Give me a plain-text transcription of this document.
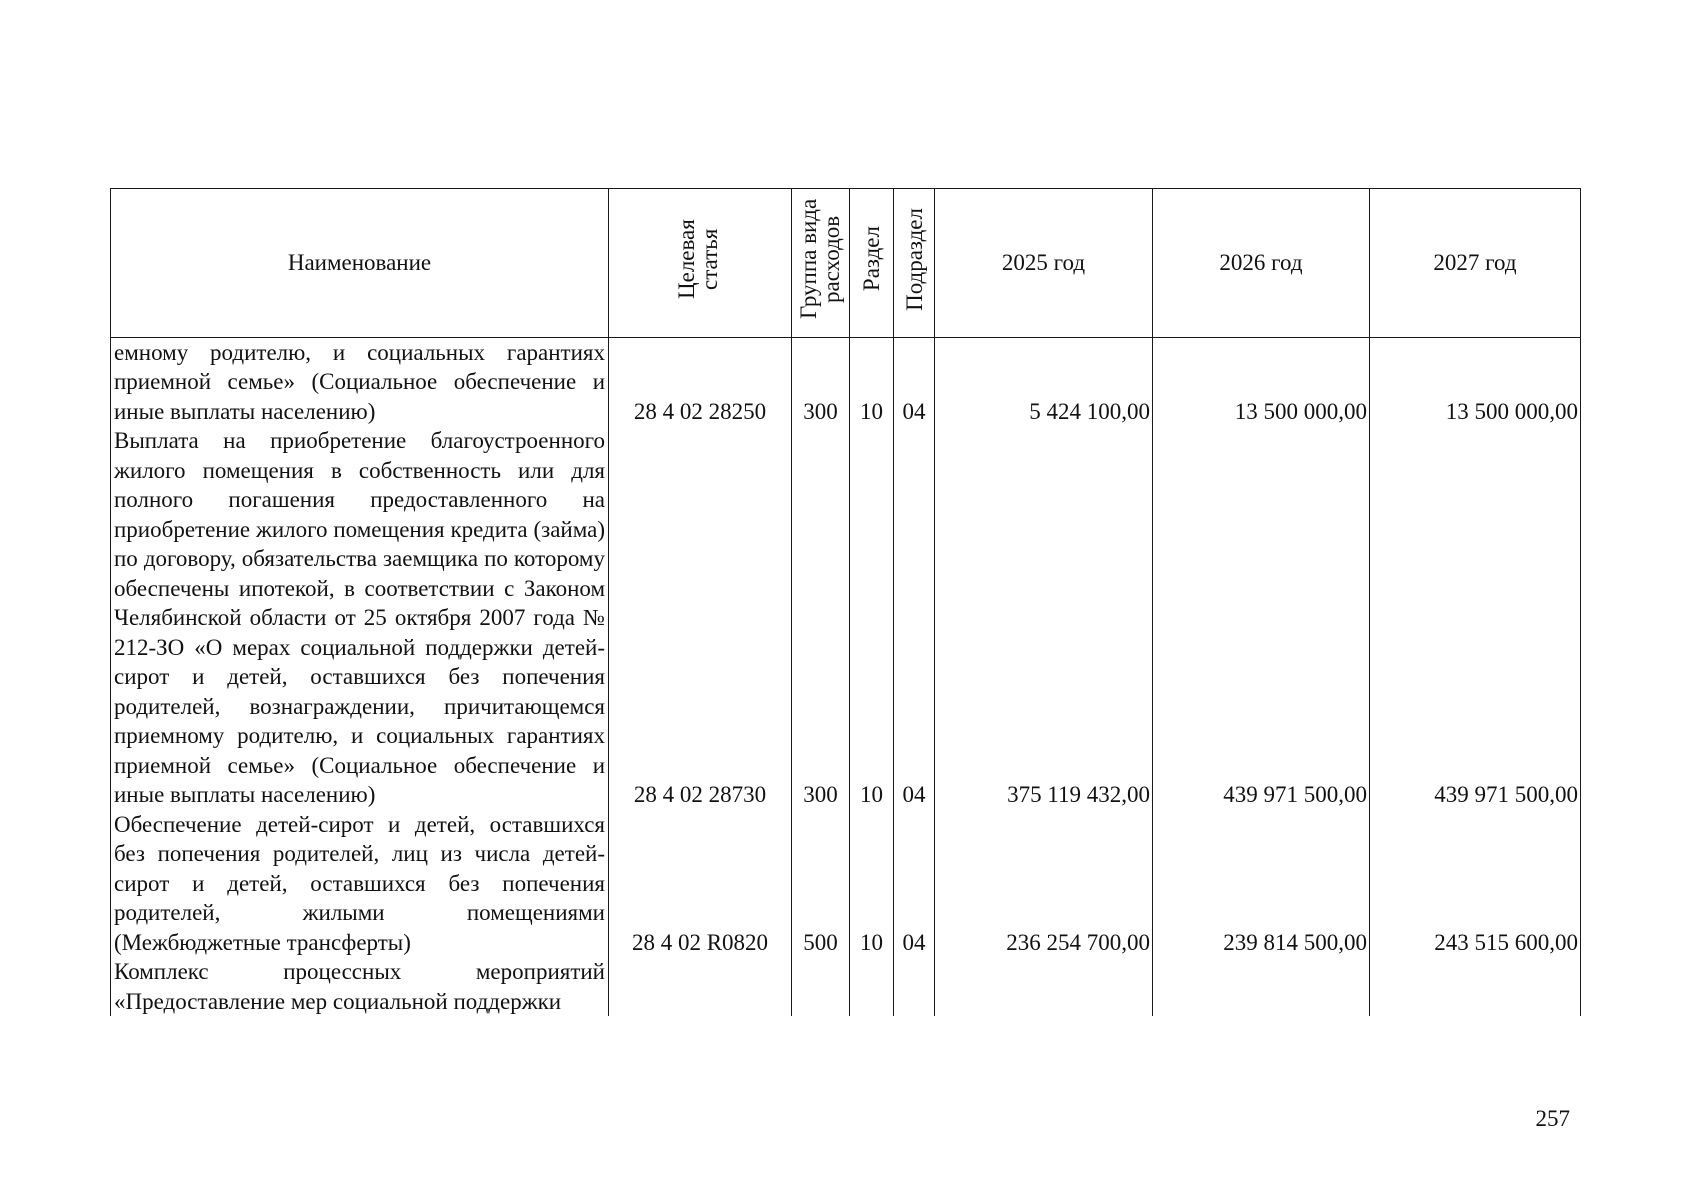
Наименование	Целевая статья	Группа вида расходов	Раздел	Подраздел	2025 год	2026 год	2027 год
емному родителю, и социальных гарантиях приемной семье» (Социальное обеспечение и иные выплаты населению)	28 4 02 28250	300	10	04	5 424 100,00	13 500 000,00	13 500 000,00
Выплата на приобретение благоустроенного жилого помещения в собственность или для полного погашения предоставленного на приобретение жилого помещения кредита (займа) по договору, обязательства заемщика по которому обеспечены ипотекой, в соответствии с Законом Челябинской области от 25 октября 2007 года № 212-ЗО «О мерах социальной поддержки детей-сирот и детей, оставшихся без попечения родителей, вознаграждении, причитающемся приемному родителю, и социальных гарантиях приемной семье» (Социальное обеспечение и иные выплаты населению)	28 4 02 28730	300	10	04	375 119 432,00	439 971 500,00	439 971 500,00
Обеспечение детей-сирот и детей, оставшихся без попечения родителей, лиц из числа детей-сирот и детей, оставшихся без попечения родителей, жилыми помещениями (Межбюджетные трансферты)	28 4 02 R0820	500	10	04	236 254 700,00	239 814 500,00	243 515 600,00
Комплекс процессных мероприятий «Предоставление мер социальной поддержки							
257
